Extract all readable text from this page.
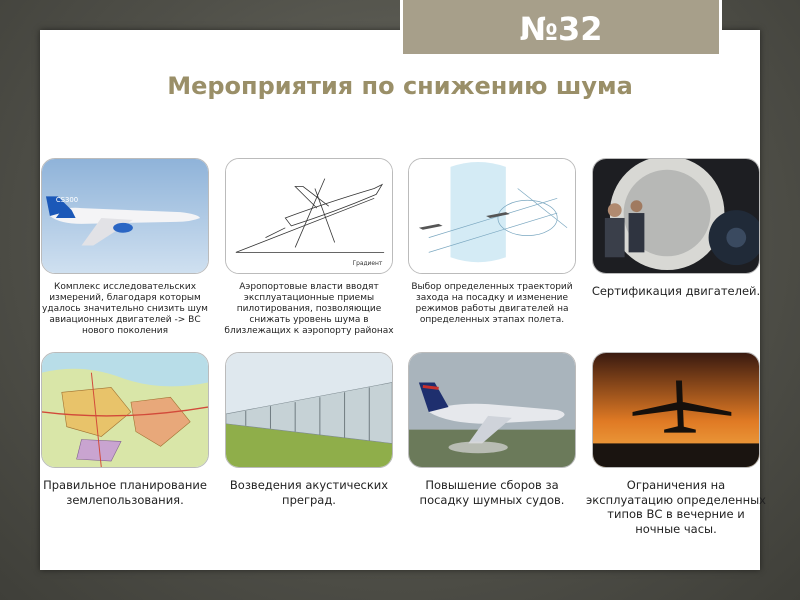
№32
Мероприятия по снижению шума
CS300
Градиент
Комплекс исследовательских измерений, благодаря которым удалось значительно снизить шум авиационных двигателей -> ВС нового поколения
Аэропортовые власти вводят эксплуатационные приемы пилотирования, позволяющие снижать уровень шума в близлежащих к аэропорту районах
Выбор определенных траекторий захода на посадку и изменение режимов работы двигателей на определенных этапах полета.
Сертификация двигателей.
Правильное планирование землепользования.
Возведения акустических преград.
Повышение сборов за посадку шумных судов.
Ограничения на эксплуатацию определенных типов ВС в вечерние и ночные часы.
